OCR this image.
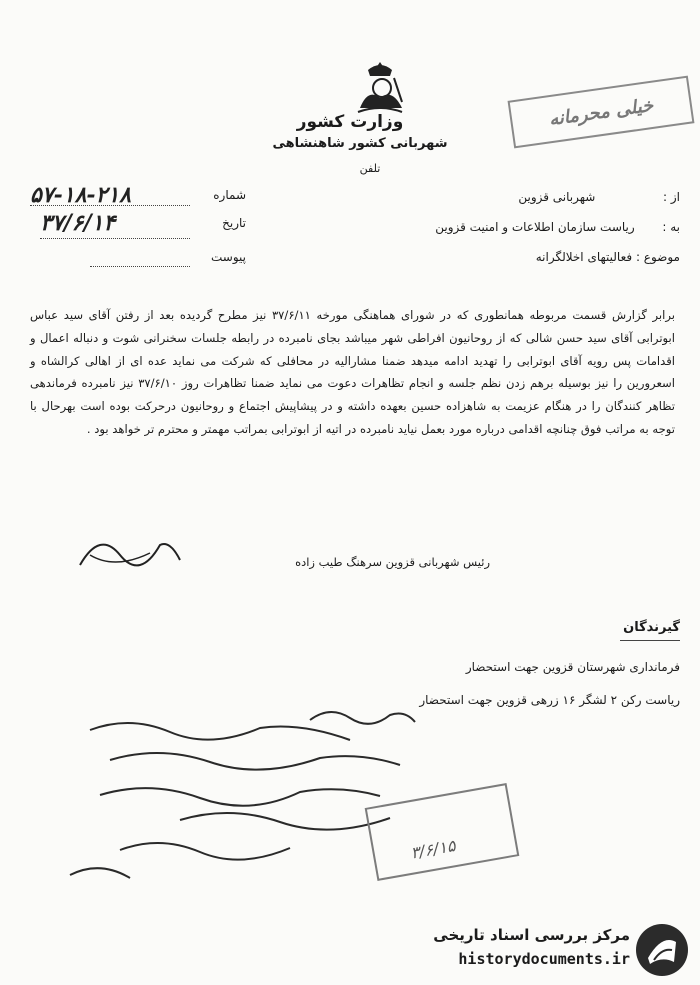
وزارت کشور
شهربانی کشور شاهنشاهی
تلفن
خیلی محرمانه
شماره
۵۷-۱۸-۲۱۸
تاریخ
۳۷/۶/۱۴
پیوست
از :  شهربانی قزوین
به :  ریاست سازمان اطلاعات و امنیت قزوین
موضوع : فعالیتهای اخلالگرانه
برابر گزارش قسمت مربوطه همانطوری که در شورای هماهنگی مورخه ۳۷/۶/۱۱ نیز مطرح گردیده بعد از رفتن آقای سید عباس ابوترابی آقای سید حسن شالی که از روحانیون افراطی شهر میباشد بجای نامبرده در رابطه جلسات سخنرانی شوت و دنباله اعمال و اقدامات پس رویه آقای ابوترابی را تهدید ادامه میدهد ضمنا مشارالیه در محافلی که شرکت می نماید عده ای از اهالی کرالشاه و اسعرورین را نیز بوسیله برهم زدن نظم جلسه و انجام تظاهرات دعوت می نماید ضمنا تظاهرات روز ۳۷/۶/۱۰ نیز نامبرده فرماندهی تظاهر کنندگان را در هنگام عزیمت به شاهزاده حسین بعهده داشته و در پیشاپیش اجتماع و روحانیون درحرکت بوده است بهرحال با توجه به مراتب فوق چنانچه اقدامی درباره مورد بعمل نیاید نامبرده در اتیه از ابوترابی بمراتب مهمتر و محترم تر خواهد بود .
رئیس شهربانی قزوین سرهنگ طیب زاده
گیرندگان
فرمانداری شهرستان قزوین جهت استحضار
ریاست رکن ۲ لشگر ۱۶ زرهی قزوین جهت استحضار
۳/۶/۱۵
مرکز بررسی اسناد تاریخی
historydocuments.ir
